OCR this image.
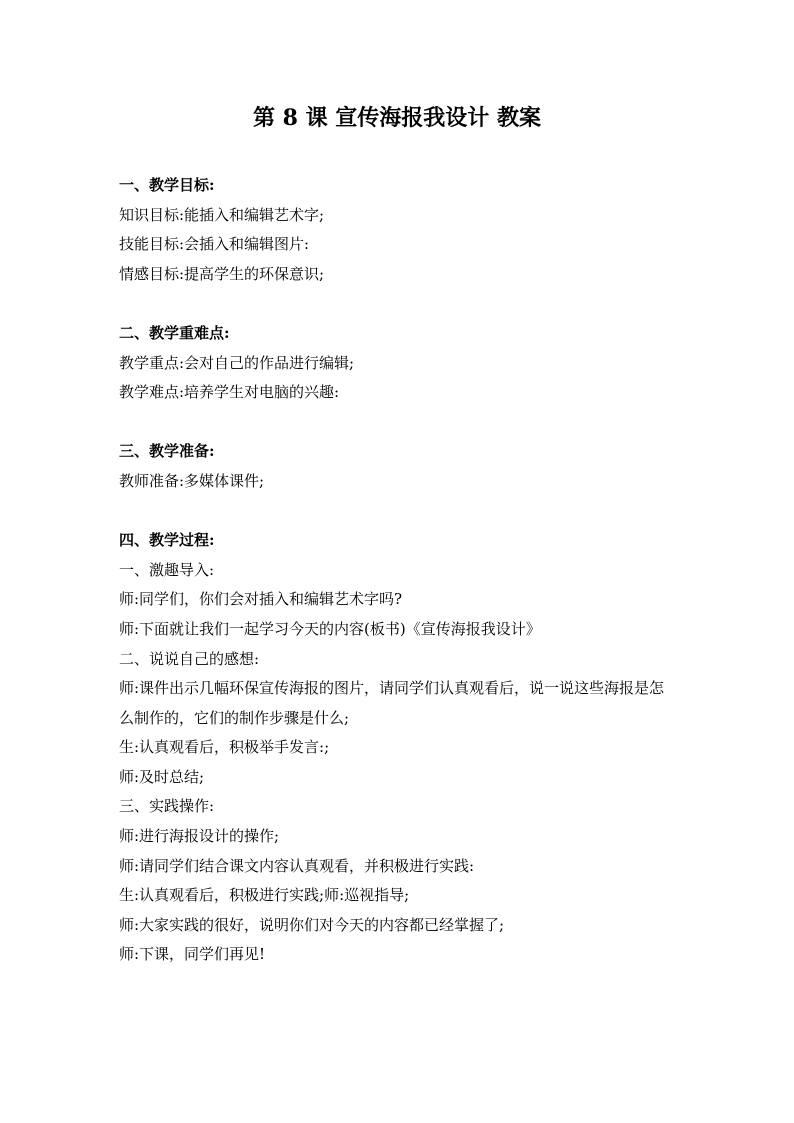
第 8 课 宣传海报我设计 教案
一、教学目标:
知识目标:能插入和编辑艺术字;
技能目标:会插入和编辑图片:
情感目标:提高学生的环保意识;
二、教学重难点:
教学重点:会对自己的作品进行编辑;
教学难点:培养学生对电脑的兴趣:
三、教学准备:
教师准备:多媒体课件;
四、教学过程:
一、激趣导入:
师:同学们，你们会对插入和编辑艺术字吗?
师:下面就让我们一起学习今天的内容(板书)《宣传海报我设计》
二、说说自己的感想:
师:课件出示几幅环保宣传海报的图片，请同学们认真观看后，说一说这些海报是怎么制作的，它们的制作步骤是什么;
生:认真观看后，积极举手发言:;
师:及时总结;
三、实践操作:
师:进行海报设计的操作;
师:请同学们结合课文内容认真观看，并积极进行实践:
生:认真观看后，积极进行实践;师:巡视指导;
师:大家实践的很好，说明你们对今天的内容都已经掌握了;
师:下课，同学们再见!
